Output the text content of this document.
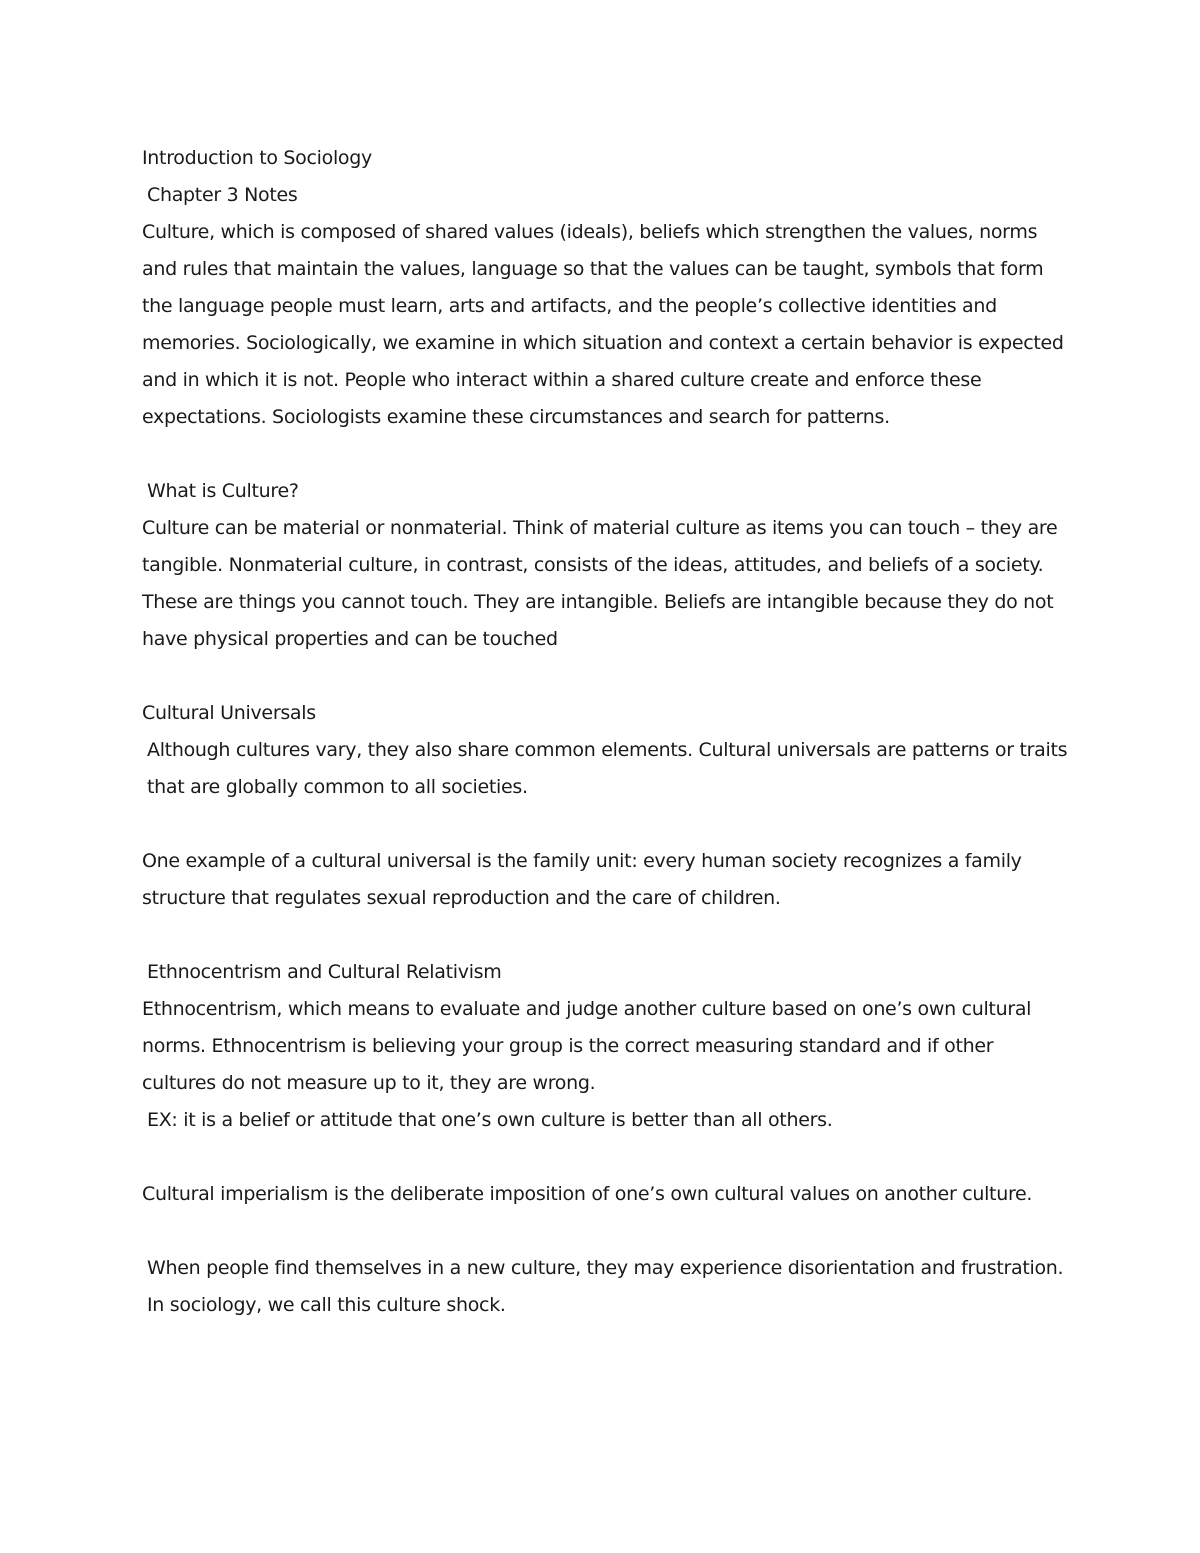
Introduction to Sociology

Chapter 3 Notes

Culture, which is composed of shared values (ideals), beliefs which strengthen the values, norms and rules that maintain the values, language so that the values can be taught, symbols that form the language people must learn, arts and artifacts, and the people’s collective identities and memories. Sociologically, we examine in which situation and context a certain behavior is expected and in which it is not. People who interact within a shared culture create and enforce these expectations. Sociologists examine these circumstances and search for patterns.

What is Culture?

Culture can be material or nonmaterial. Think of material culture as items you can touch – they are tangible. Nonmaterial culture, in contrast, consists of the ideas, attitudes, and beliefs of a society. These are things you cannot touch. They are intangible. Beliefs are intangible because they do not have physical properties and can be touched

Cultural Universals

Although cultures vary, they also share common elements. Cultural universals are patterns or traits that are globally common to all societies.

One example of a cultural universal is the family unit: every human society recognizes a family structure that regulates sexual reproduction and the care of children.

Ethnocentrism and Cultural Relativism

Ethnocentrism, which means to evaluate and judge another culture based on one’s own cultural norms. Ethnocentrism is believing your group is the correct measuring standard and if other cultures do not measure up to it, they are wrong.

EX: it is a belief or attitude that one’s own culture is better than all others.

Cultural imperialism is the deliberate imposition of one’s own cultural values on another culture.

When people find themselves in a new culture, they may experience disorientation and frustration. In sociology, we call this culture shock.
